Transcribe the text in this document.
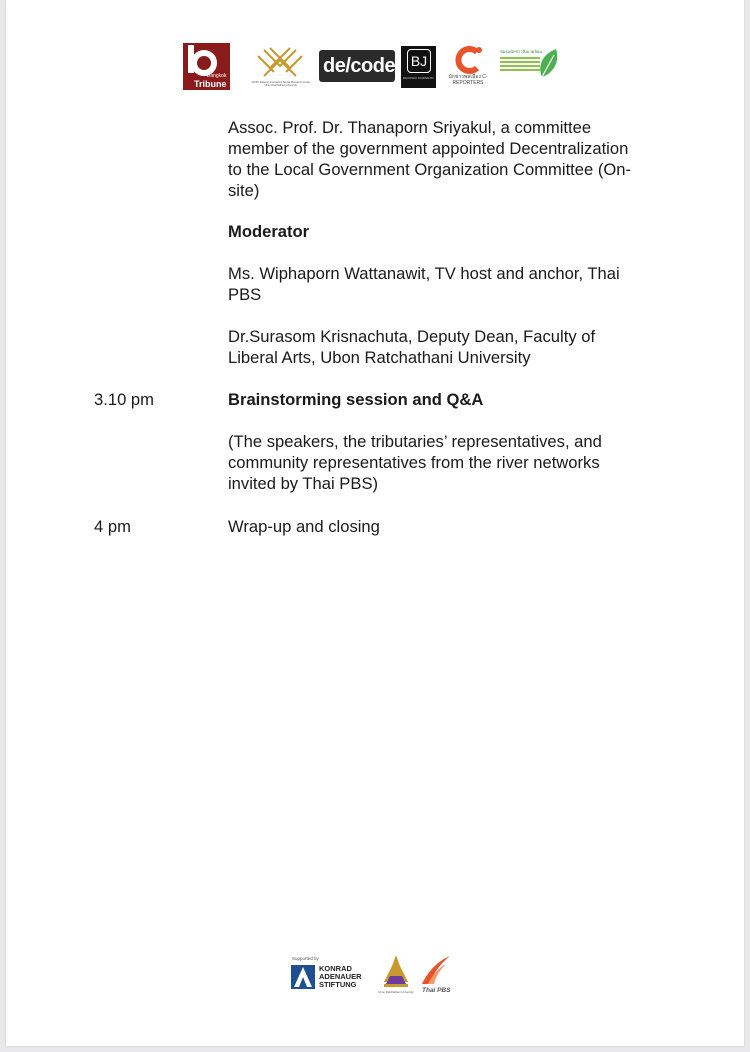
Bangkok
Tribune	MCRI: Mekong Journalism Social Research Center Ubon Ratchathani University
de/code BJ
BACKPACK JOURNALIST	นักข่าวพลเมือง C-REPORTERS
ชมรมนักข่าวสิ่งแวดล้อม
Assoc. Prof. Dr. Thanaporn Sriyakul, a committee
member of the government appointed Decentralization
to the Local Government Organization Committee (On-
site)
Moderator
Ms. Wiphaporn Wattanawit, TV host and anchor, Thai
PBS
Dr.Surasom Krisnachuta, Deputy Dean, Faculty of
Liberal Arts, Ubon Ratchathani University
3.10 pm	Brainstorming session and Q&A
(The speakers, the tributaries’ representatives, and
community representatives from the river networks
invited by Thai PBS)
4 pm	Wrap-up and closing
Supported by
KONRAD
ADENAUER
STIFTUNG
Ubon Ratchathani University Thai PBS
